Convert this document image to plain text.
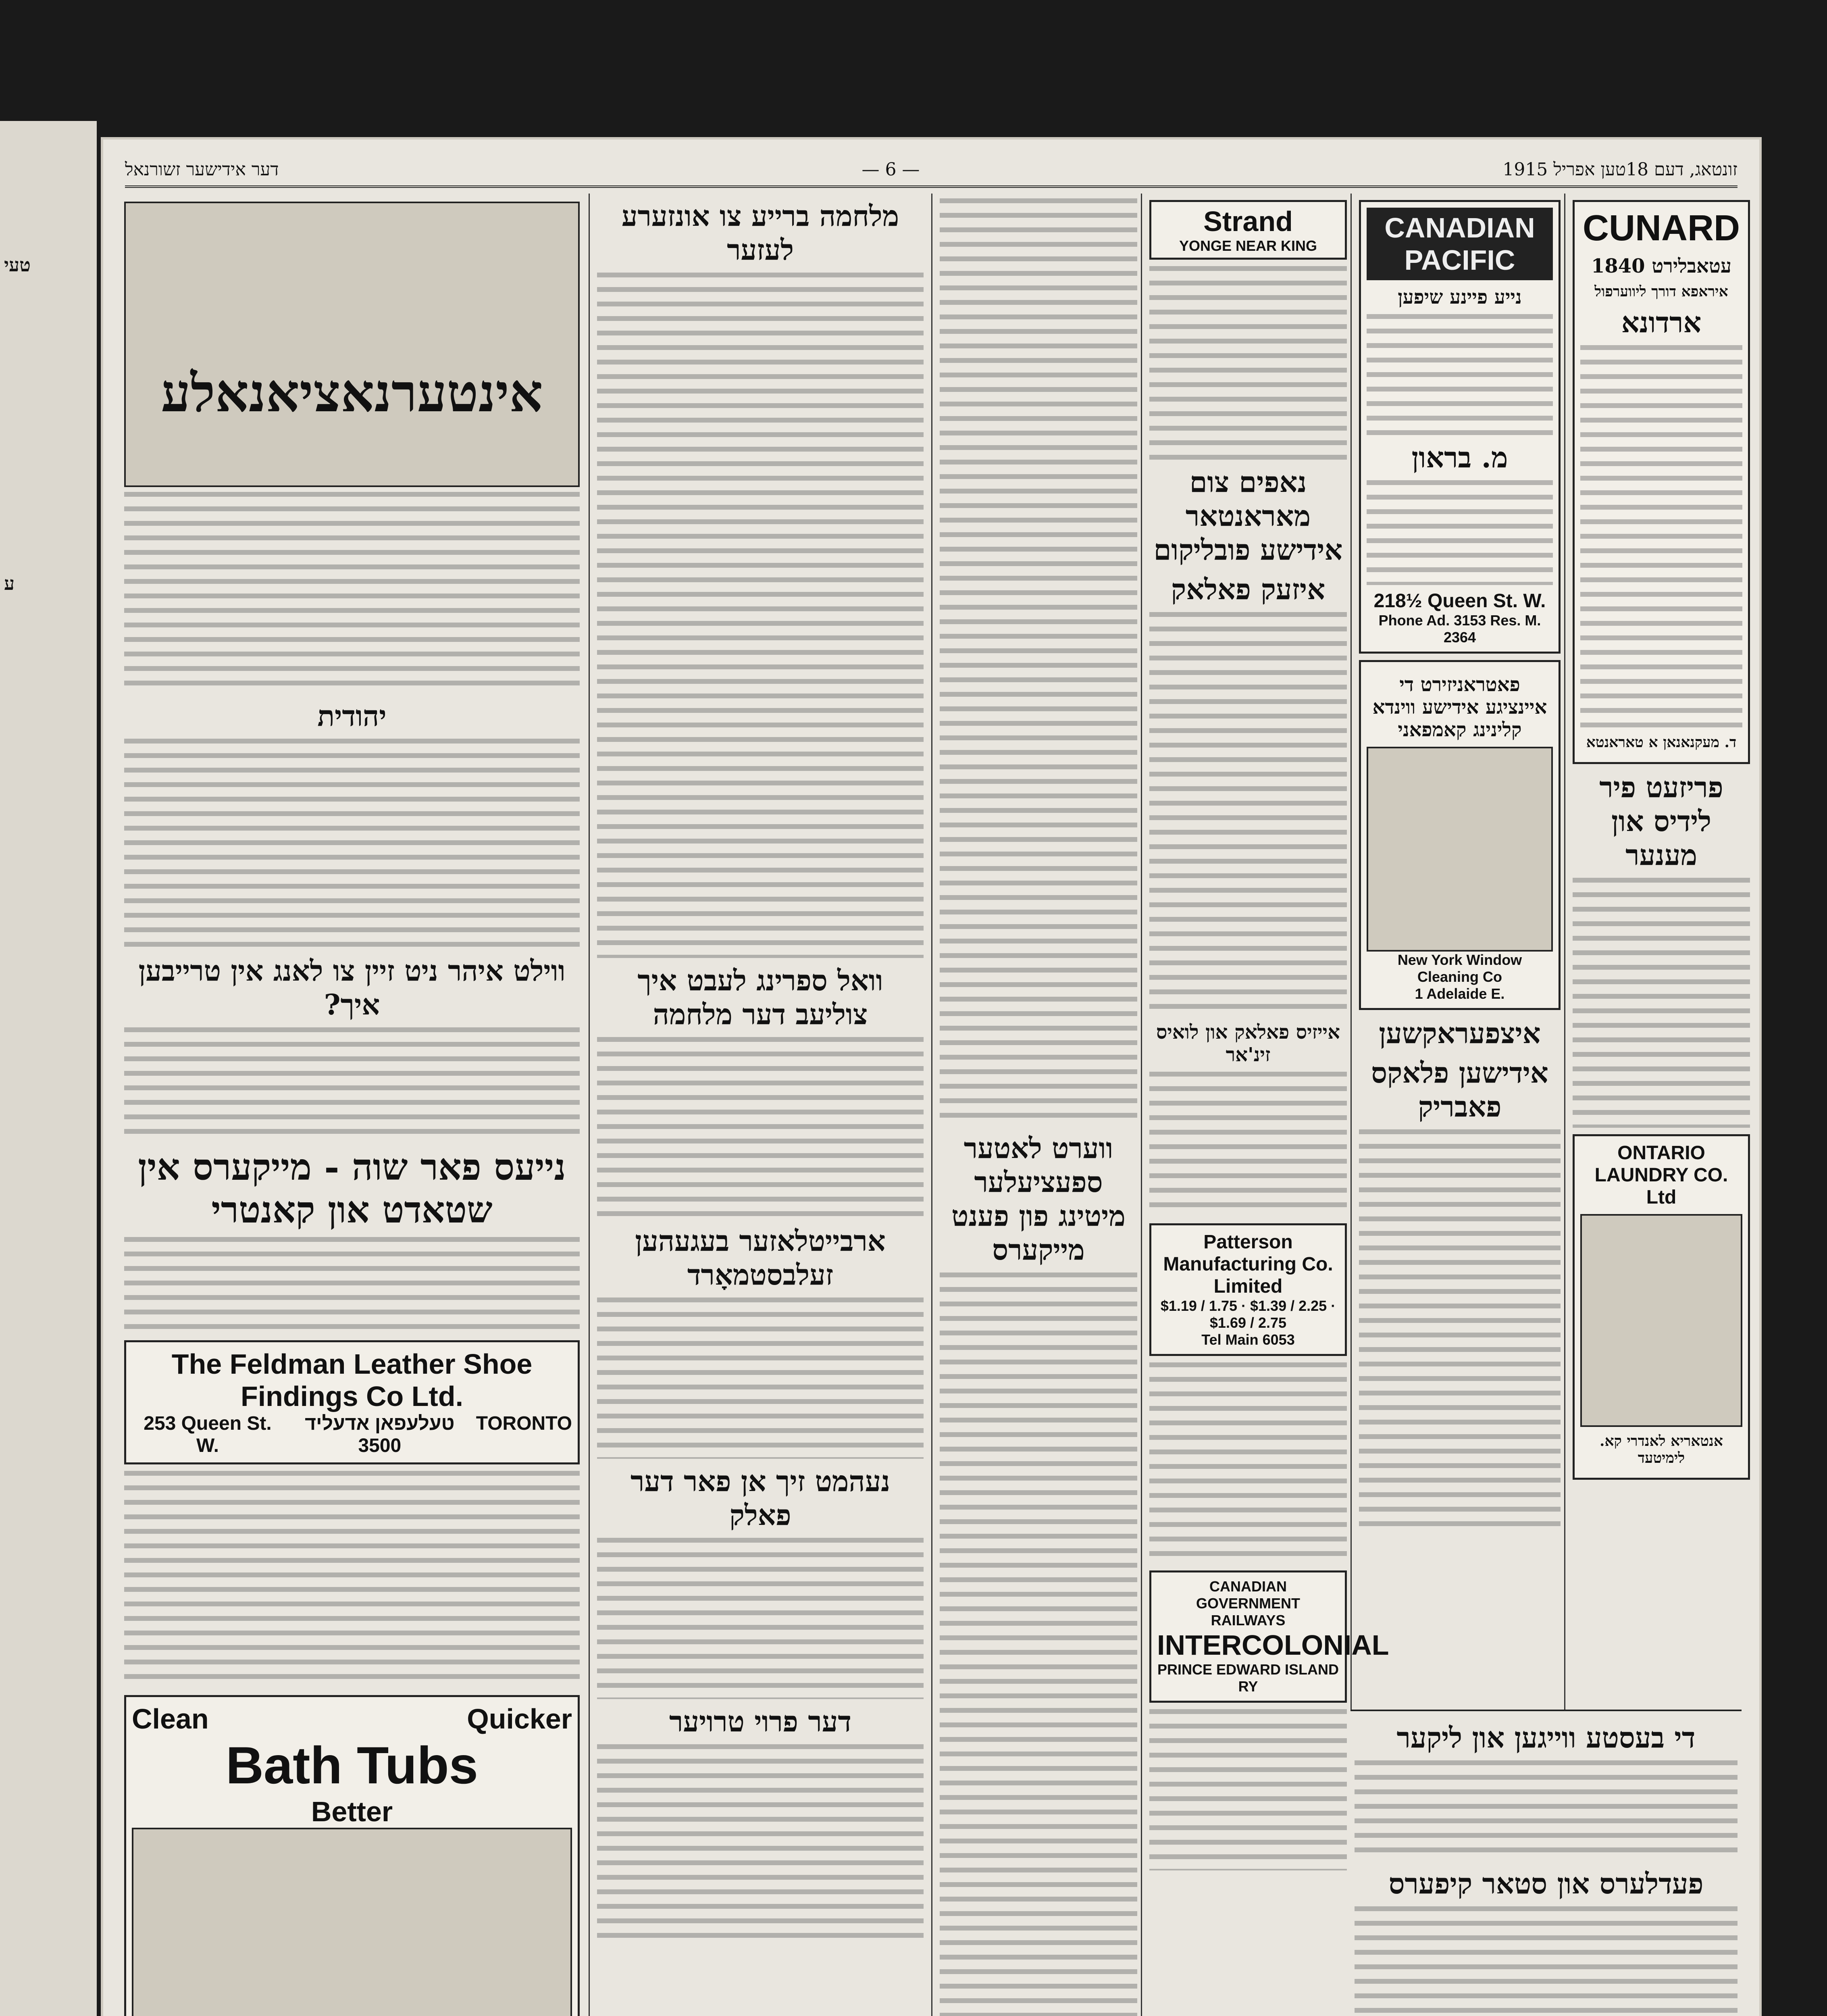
טעי
ע
דער אידישער זשורנאל	— 6 —	1915 זונטאג, דעם 18טען אפריל
CUNARD
עטאבלירט 1840
איראפא דורך ליווערפול
ארדונא
ד. מעקנאנאן א טאראנטא
פריזעט פיר לידיס און מענער
ONTARIO LAUNDRY CO. Ltd
אנטאריא לאנדרי קא. לימיטעד
CANADIAN PACIFIC
נייע פיינע שיפען
מ. בראון
218½ Queen St. W.
Phone Ad. 3153 Res. M. 2364
פאטראניזירט די איינציגע אידישע ווינדא קלינינג קאמפאני
New York Window Cleaning Co
1 Adelaide E.
איצפעראקשען
אידישען פלאקס פאבריק
Strand
YONGE NEAR KING
נאפים צום מאראנטאר אידישע פובליקום
איזעק פאלאק
אייזיס פאלאק און לואיס זינ'אר
Patterson Manufacturing Co. Limited
$1.19 / 1.75 · $1.39 / 2.25 · $1.69 / 2.75
Tel Main 6053
CANADIAN GOVERNMENT RAILWAYS
INTERCOLONIAL
PRINCE EDWARD ISLAND RY
ווערט לאטער ספעציעלער מיטינג פון פענט מייקערס
מלחמה ברייע צו אונזערע לעזער
וואל ספרינג לעבט איך צוליעב דער מלחמה
ארבייטלאזער בעגעהען זעלבסטמאָרד
נעהמט זיך אן פאר דער פאלק
דער פרוי טרויער
אינטערנאציאנאלע
יהודית
ווילט איהר ניט זיין צו לאנג אין טרייבען איך?
נייעס פאר שוה - מייקערס אין שטאדט און קאנטרי
The Feldman Leather Shoe Findings Co Ltd.
253 Queen St. W.
טעלעפאן אדעליד 3500
TORONTO
Clean	Quicker
Bath Tubs
Better
די בעסטע ווייגען און ליקער
פעדלערס און סטאר קיפערס
